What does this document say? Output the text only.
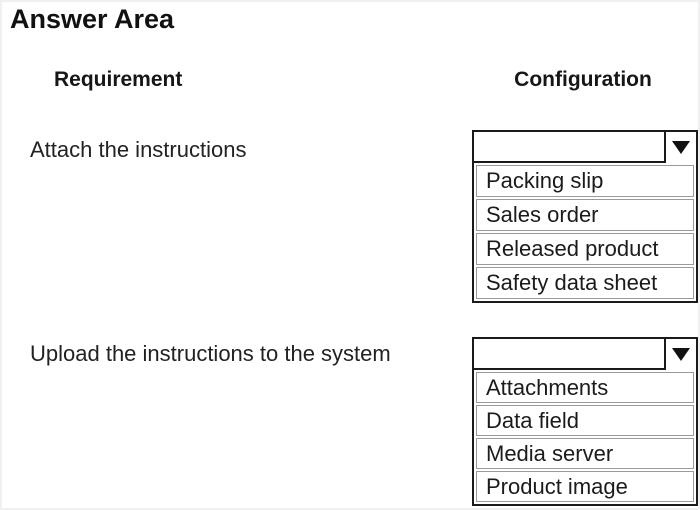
Answer Area
Requirement	Configuration
Attach the instructions
Packing slip
Sales order
Released product
Safety data sheet
Upload the instructions to the system
Attachments
Data field
Media server
Product image
